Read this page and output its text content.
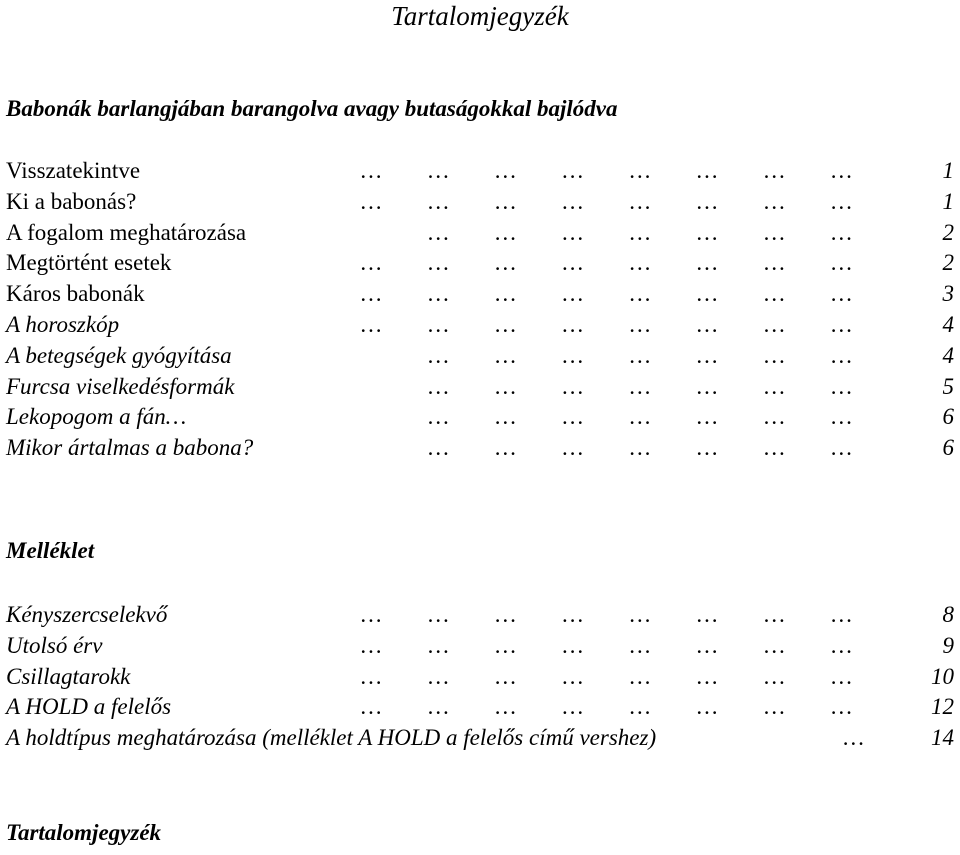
Tartalomjegyzék
Babonák barlangjában barangolva avagy butaságokkal bajlódva
Visszatekintve	… … … … … … … …	1
Ki a babonás?	… … … … … … … …	1
A fogalom meghatározása	… … … … … … …	2
Megtörtént esetek	… … … … … … … …	2
Káros babonák	… … … … … … … …	3
A horoszkóp	… … … … … … … …	4
A betegségek gyógyítása	… … … … … … …	4
Furcsa viselkedésformák	… … … … … … …	5
Lekopogom a fán…	… … … … … … …	6
Mikor ártalmas a babona?	… … … … … … …	6
Melléklet
Kényszercselekvő	… … … … … … … …	8
Utolsó érv	… … … … … … … …	9
Csillagtarokk	… … … … … … … …	10
A HOLD a felelős	… … … … … … … …	12
A holdtípus meghatározása (melléklet A HOLD a felelős című vershez)	…	14
Tartalomjegyzék
